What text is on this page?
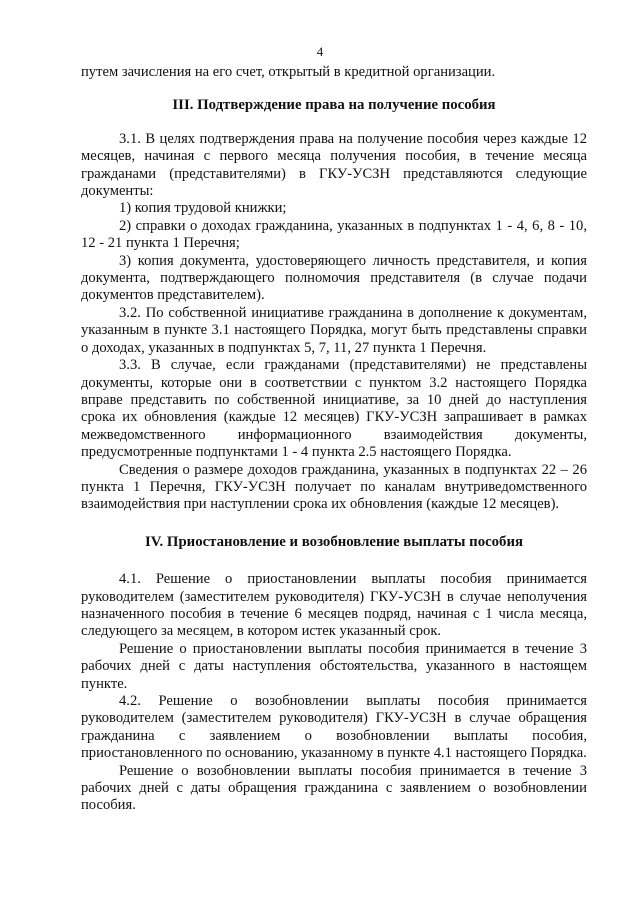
4

путем зачисления на его счет, открытый в кредитной организации.

III. Подтверждение права на получение пособия

3.1. В целях подтверждения права на получение пособия через каждые 12 месяцев, начиная с первого месяца получения пособия, в течение месяца гражданами (представителями) в ГКУ-УСЗН представляются следующие документы:

1) копия трудовой книжки;

2) справки о доходах гражданина, указанных в подпунктах 1 - 4, 6, 8 - 10, 12 - 21 пункта 1 Перечня;

3) копия документа, удостоверяющего личность представителя, и копия документа, подтверждающего полномочия представителя (в случае подачи документов представителем).

3.2. По собственной инициативе гражданина в дополнение к документам, указанным в пункте 3.1 настоящего Порядка, могут быть представлены справки о доходах, указанных в подпунктах 5, 7, 11, 27 пункта 1 Перечня.

3.3. В случае, если гражданами (представителями) не представлены документы, которые они в соответствии с пунктом 3.2 настоящего Порядка вправе представить по собственной инициативе, за 10 дней до наступления срока их обновления (каждые 12 месяцев) ГКУ-УСЗН запрашивает в рамках межведомственного информационного взаимодействия документы, предусмотренные подпунктами 1 - 4 пункта 2.5 настоящего Порядка.

Сведения о размере доходов гражданина, указанных в подпунктах 22 – 26 пункта 1 Перечня, ГКУ-УСЗН получает по каналам внутриведомственного взаимодействия при наступлении срока их обновления (каждые 12 месяцев).

IV. Приостановление и возобновление выплаты пособия

4.1. Решение о приостановлении выплаты пособия принимается руководителем (заместителем руководителя) ГКУ-УСЗН в случае неполучения назначенного пособия в течение 6 месяцев подряд, начиная с 1 числа месяца, следующего за месяцем, в котором истек указанный срок.

Решение о приостановлении выплаты пособия принимается в течение 3 рабочих дней с даты наступления обстоятельства, указанного в настоящем пункте.

4.2. Решение о возобновлении выплаты пособия принимается руководителем (заместителем руководителя) ГКУ-УСЗН в случае обращения гражданина с заявлением о возобновлении выплаты пособия, приостановленного по основанию, указанному в пункте 4.1 настоящего Порядка.

Решение о возобновлении выплаты пособия принимается в течение 3 рабочих дней с даты обращения гражданина с заявлением о возобновлении пособия.
